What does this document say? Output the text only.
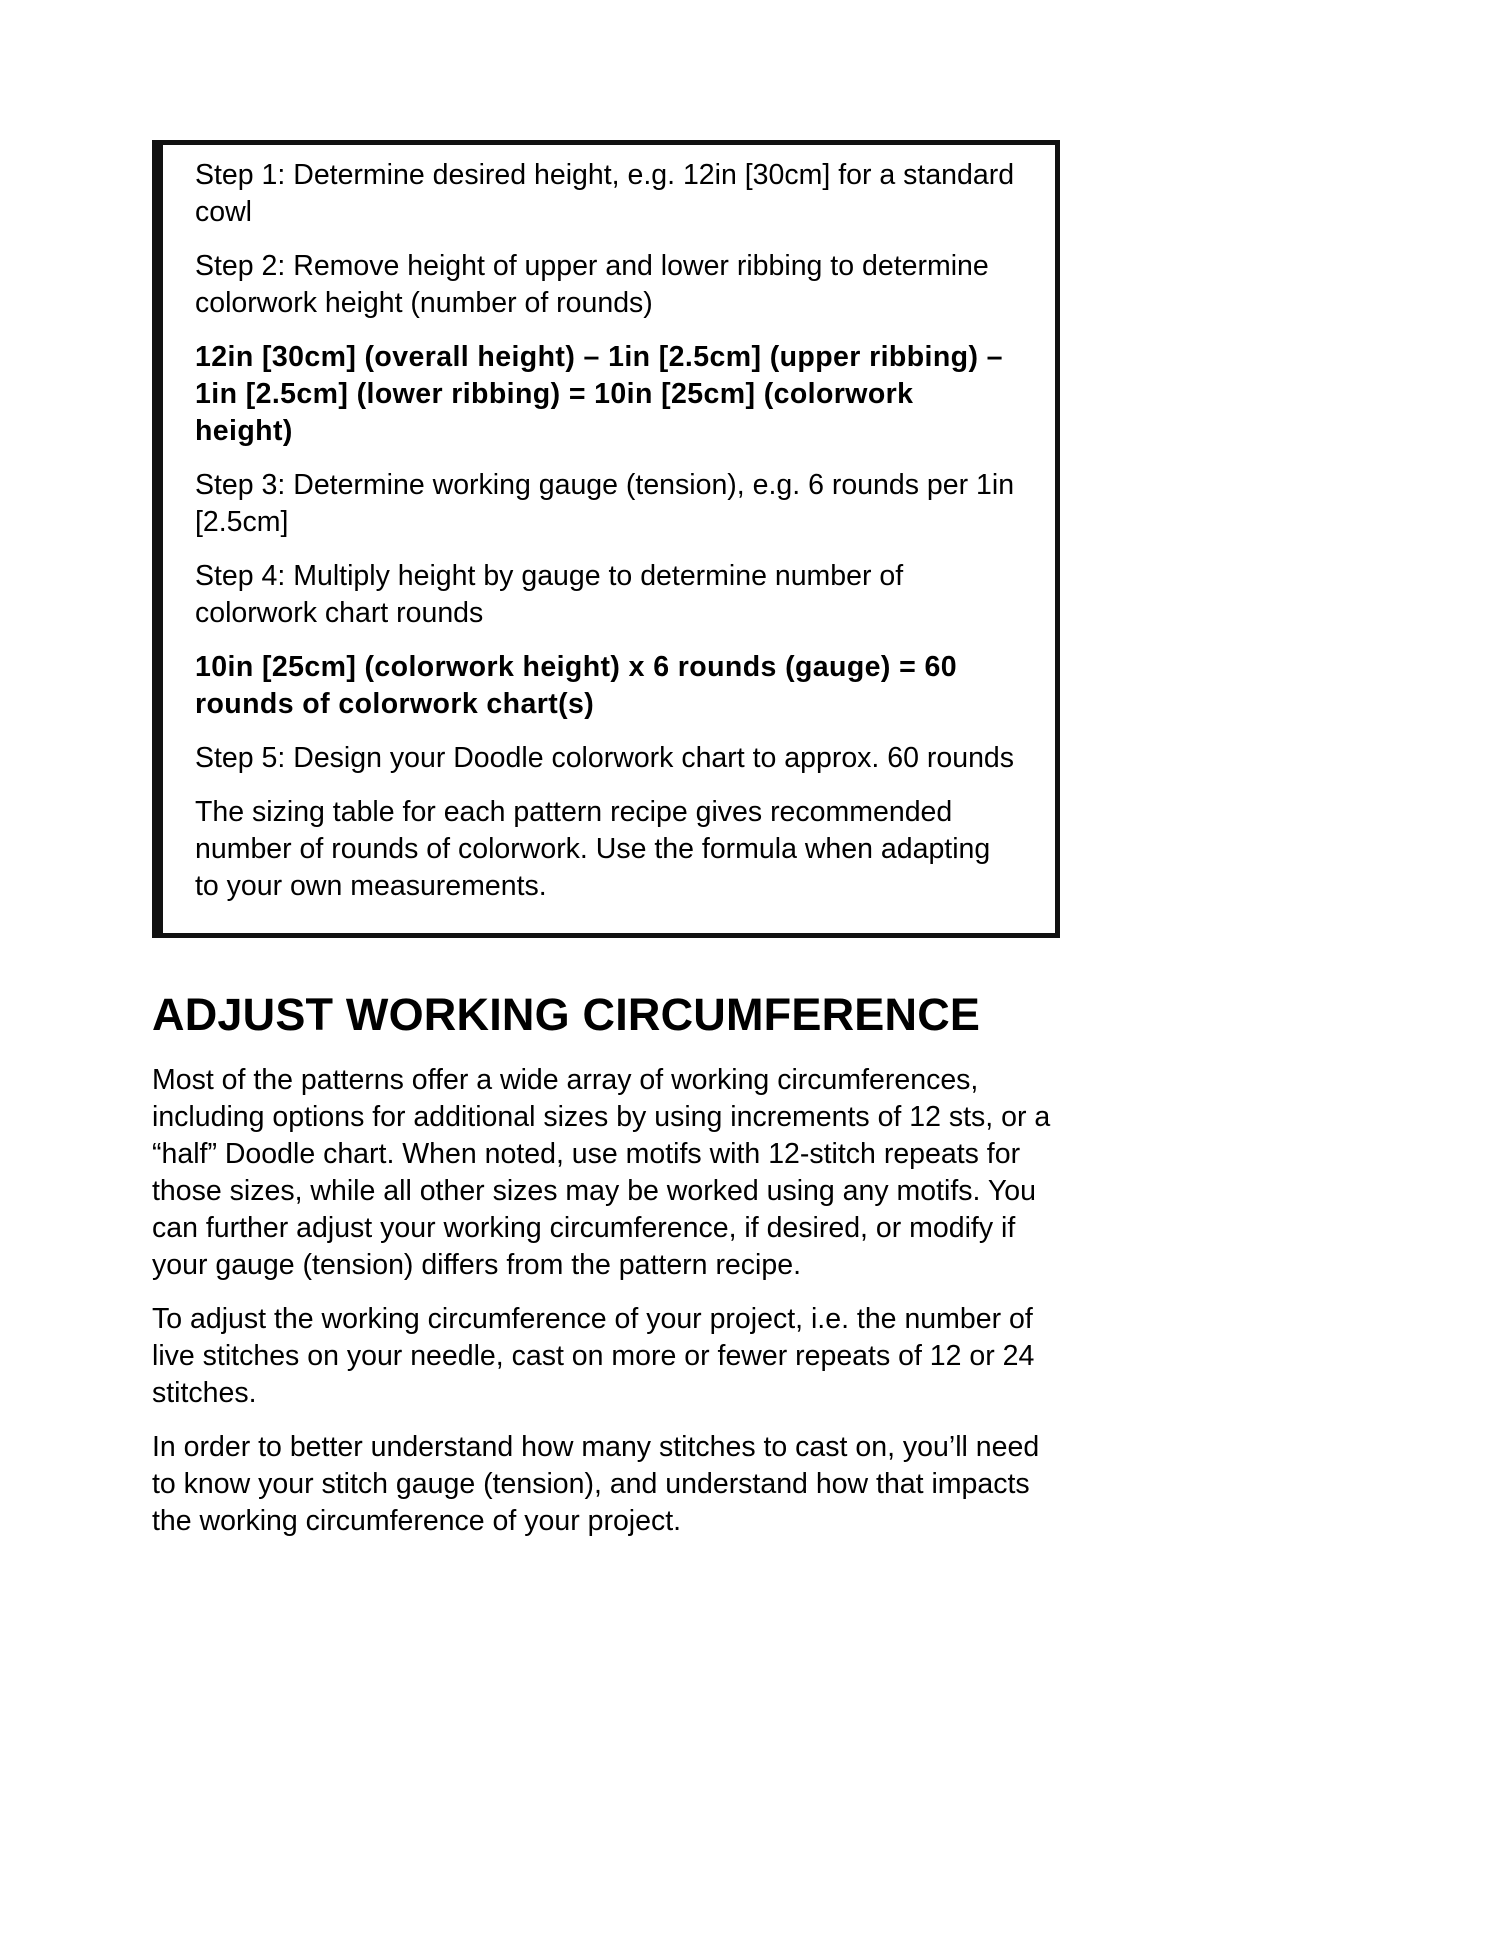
Step 1: Determine desired height, e.g. 12in [30cm] for a standard cowl

Step 2: Remove height of upper and lower ribbing to determine colorwork height (number of rounds)

12in [30cm] (overall height) – 1in [2.5cm] (upper ribbing) – 1in [2.5cm] (lower ribbing) = 10in [25cm] (colorwork height)

Step 3: Determine working gauge (tension), e.g. 6 rounds per 1in [2.5cm]

Step 4: Multiply height by gauge to determine number of colorwork chart rounds

10in [25cm] (colorwork height) x 6 rounds (gauge) = 60 rounds of colorwork chart(s)

Step 5: Design your Doodle colorwork chart to approx. 60 rounds

The sizing table for each pattern recipe gives recommended number of rounds of colorwork. Use the formula when adapting to your own measurements.

ADJUST WORKING CIRCUMFERENCE

Most of the patterns offer a wide array of working circumferences, including options for additional sizes by using increments of 12 sts, or a “half” Doodle chart. When noted, use motifs with 12-stitch repeats for those sizes, while all other sizes may be worked using any motifs. You can further adjust your working circumference, if desired, or modify if your gauge (tension) differs from the pattern recipe.

To adjust the working circumference of your project, i.e. the number of live stitches on your needle, cast on more or fewer repeats of 12 or 24 stitches.

In order to better understand how many stitches to cast on, you’ll need to know your stitch gauge (tension), and understand how that impacts the working circumference of your project.
